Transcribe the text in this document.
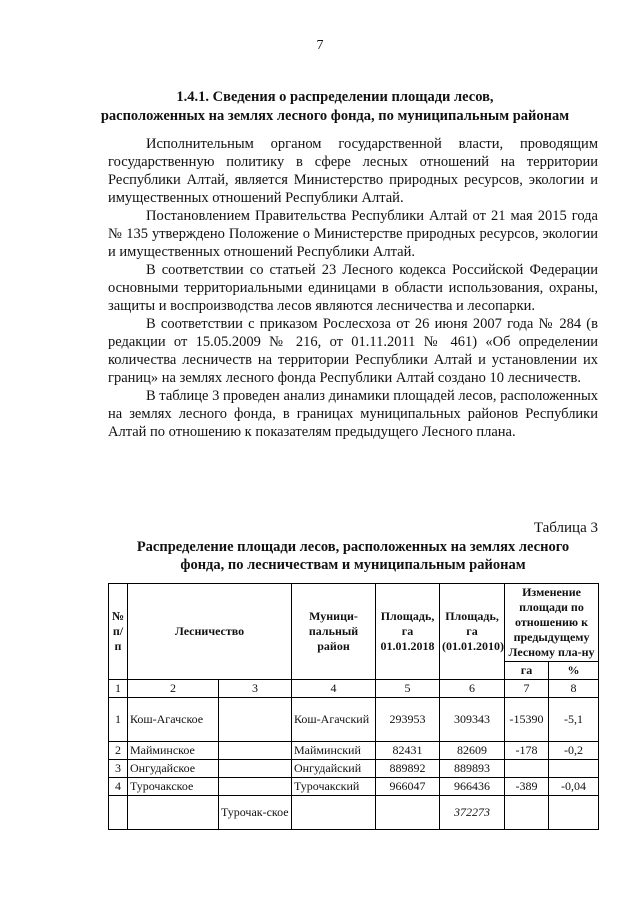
7
1.4.1. Сведения о распределении площади лесов,
расположенных на землях лесного фонда, по муниципальным районам

Исполнительным органом государственной власти, проводящим государственную политику в сфере лесных отношений на территории Республики Алтай, является Министерство природных ресурсов, экологии и имущественных отношений Республики Алтай.

Постановлением Правительства Республики Алтай от 21 мая 2015 года № 135 утверждено Положение о Министерстве природных ресурсов, экологии и имущественных отношений Республики Алтай.

В соответствии со статьей 23 Лесного кодекса Российской Федерации основными территориальными единицами в области использования, охраны, защиты и воспроизводства лесов являются лесничества и лесопарки.

В соответствии с приказом Рослесхоза от 26 июня 2007 года № 284 (в редакции от 15.05.2009 № 216, от 01.11.2011 № 461) «Об определении количества лесничеств на территории Республики Алтай и установлении их границ» на землях лесного фонда Республики Алтай создано 10 лесничеств.

В таблице 3 проведен анализ динамики площадей лесов, расположенных на землях лесного фонда, в границах муниципальных районов Республики Алтай по отношению к показателям предыдущего Лесного плана.

Таблица 3
Распределение площади лесов, расположенных на землях лесного
фонда, по лесничествам и муниципальным районам
№ п/п	Лесничество		Муници-пальный район	Площадь, га 01.01.2018	Площадь, га (01.01.2010)	Изменение площади по отношению к предыдущему Лесному пла-ну	
						га	%
1	2	3	4	5	6	7	8
1	Кош-Агачское		Кош-Агачский	293953	309343	-15390	-5,1
2	Майминское		Майминский	82431	82609	-178	-0,2
3	Онгудайское		Онгудайский	889892	889893		
4	Турочакское		Турочакский	966047	966436	-389	-0,04
		Турочак-ское			372273		
